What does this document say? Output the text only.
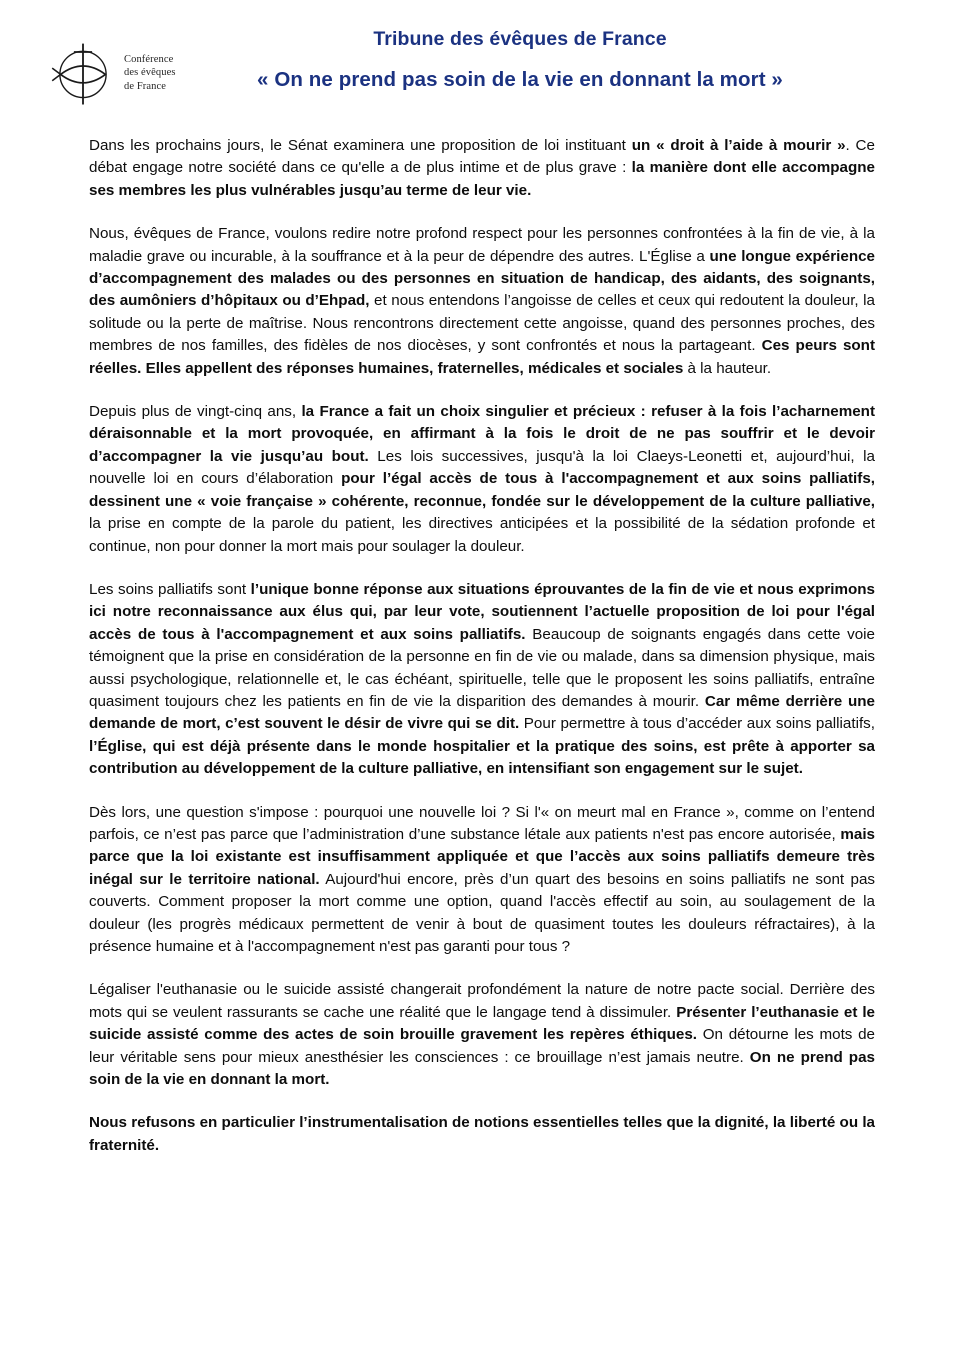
Conférence
des évêques
de France
Tribune des évêques de France
« On ne prend pas soin de la vie en donnant la mort »

Dans les prochains jours, le Sénat examinera une proposition de loi instituant un « droit à l’aide à mourir ». Ce débat engage notre société dans ce qu'elle a de plus intime et de plus grave : la manière dont elle accompagne ses membres les plus vulnérables jusqu’au terme de leur vie.

Nous, évêques de France, voulons redire notre profond respect pour les personnes confrontées à la fin de vie, à la maladie grave ou incurable, à la souffrance et à la peur de dépendre des autres. L'Église a une longue expérience d’accompagnement des malades ou des personnes en situation de handicap, des aidants, des soignants, des aumôniers d’hôpitaux ou d’Ehpad, et nous entendons l’angoisse de celles et ceux qui redoutent la douleur, la solitude ou la perte de maîtrise. Nous rencontrons directement cette angoisse, quand des personnes proches, des membres de nos familles, des fidèles de nos diocèses, y sont confrontés et nous la partageant. Ces peurs sont réelles. Elles appellent des réponses humaines, fraternelles, médicales et sociales à la hauteur.

Depuis plus de vingt-cinq ans, la France a fait un choix singulier et précieux : refuser à la fois l’acharnement déraisonnable et la mort provoquée, en affirmant à la fois le droit de ne pas souffrir et le devoir d’accompagner la vie jusqu’au bout. Les lois successives, jusqu'à la loi Claeys-Leonetti et, aujourd’hui, la nouvelle loi en cours d’élaboration pour l’égal accès de tous à l'accompagnement et aux soins palliatifs, dessinent une « voie française » cohérente, reconnue, fondée sur le développement de la culture palliative, la prise en compte de la parole du patient, les directives anticipées et la possibilité de la sédation profonde et continue, non pour donner la mort mais pour soulager la douleur.

Les soins palliatifs sont l’unique bonne réponse aux situations éprouvantes de la fin de vie et nous exprimons ici notre reconnaissance aux élus qui, par leur vote, soutiennent l’actuelle proposition de loi pour l'égal accès de tous à l'accompagnement et aux soins palliatifs. Beaucoup de soignants engagés dans cette voie témoignent que la prise en considération de la personne en fin de vie ou malade, dans sa dimension physique, mais aussi psychologique, relationnelle et, le cas échéant, spirituelle, telle que le proposent les soins palliatifs, entraîne quasiment toujours chez les patients en fin de vie la disparition des demandes à mourir. Car même derrière une demande de mort, c’est souvent le désir de vivre qui se dit. Pour permettre à tous d’accéder aux soins palliatifs, l’Église, qui est déjà présente dans le monde hospitalier et la pratique des soins, est prête à apporter sa contribution au développement de la culture palliative, en intensifiant son engagement sur le sujet.

Dès lors, une question s'impose : pourquoi une nouvelle loi ? Si l'« on meurt mal en France », comme on l’entend parfois, ce n’est pas parce que l’administration d’une substance létale aux patients n'est pas encore autorisée, mais parce que la loi existante est insuffisamment appliquée et que l’accès aux soins palliatifs demeure très inégal sur le territoire national. Aujourd'hui encore, près d’un quart des besoins en soins palliatifs ne sont pas couverts. Comment proposer la mort comme une option, quand l'accès effectif au soin, au soulagement de la douleur (les progrès médicaux permettent de venir à bout de quasiment toutes les douleurs réfractaires), à la présence humaine et à l'accompagnement n'est pas garanti pour tous ?

Légaliser l'euthanasie ou le suicide assisté changerait profondément la nature de notre pacte social. Derrière des mots qui se veulent rassurants se cache une réalité que le langage tend à dissimuler. Présenter l’euthanasie et le suicide assisté comme des actes de soin brouille gravement les repères éthiques. On détourne les mots de leur véritable sens pour mieux anesthésier les consciences : ce brouillage n’est jamais neutre. On ne prend pas soin de la vie en donnant la mort.

Nous refusons en particulier l’instrumentalisation de notions essentielles telles que la dignité, la liberté ou la fraternité.
